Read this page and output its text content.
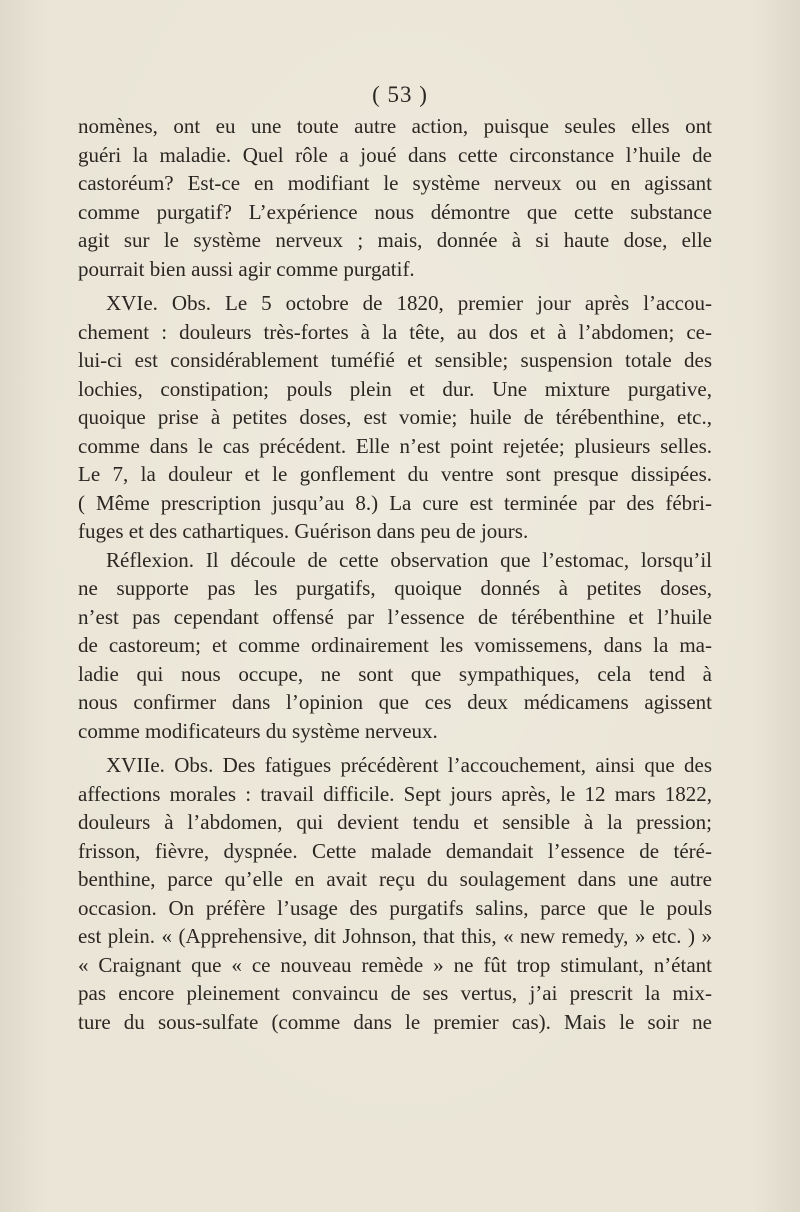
( 53 )
nomènes, ont eu une toute autre action, puisque seules elles ont
guéri la maladie. Quel rôle a joué dans cette circonstance l’huile de
castoréum? Est-ce en modifiant le système nerveux ou en agissant
comme purgatif? L’expérience nous démontre que cette substance
agit sur le système nerveux ; mais, donnée à si haute dose, elle
pourrait bien aussi agir comme purgatif.
XVIe. Obs. Le 5 octobre de 1820, premier jour après l’accou-
chement : douleurs très-fortes à la tête, au dos et à l’abdomen; ce-
lui-ci est considérablement tuméfié et sensible; suspension totale des
lochies, constipation; pouls plein et dur. Une mixture purgative,
quoique prise à petites doses, est vomie; huile de térébenthine, etc.,
comme dans le cas précédent. Elle n’est point rejetée; plusieurs selles.
Le 7, la douleur et le gonflement du ventre sont presque dissipées.
( Même prescription jusqu’au 8.) La cure est terminée par des fébri-
fuges et des cathartiques. Guérison dans peu de jours.
Réflexion. Il découle de cette observation que l’estomac, lorsqu’il
ne supporte pas les purgatifs, quoique donnés à petites doses,
n’est pas cependant offensé par l’essence de térébenthine et l’huile
de castoreum; et comme ordinairement les vomissemens, dans la ma-
ladie qui nous occupe, ne sont que sympathiques, cela tend à
nous confirmer dans l’opinion que ces deux médicamens agissent
comme modificateurs du système nerveux.
XVIIe. Obs. Des fatigues précédèrent l’accouchement, ainsi que des
affections morales : travail difficile. Sept jours après, le 12 mars 1822,
douleurs à l’abdomen, qui devient tendu et sensible à la pression;
frisson, fièvre, dyspnée. Cette malade demandait l’essence de téré-
benthine, parce qu’elle en avait reçu du soulagement dans une autre
occasion. On préfère l’usage des purgatifs salins, parce que le pouls
est plein. « (Apprehensive, dit Johnson, that this, « new remedy, » etc. ) »
« Craignant que « ce nouveau remède » ne fût trop stimulant, n’étant
pas encore pleinement convaincu de ses vertus, j’ai prescrit la mix-
ture du sous-sulfate (comme dans le premier cas). Mais le soir ne
